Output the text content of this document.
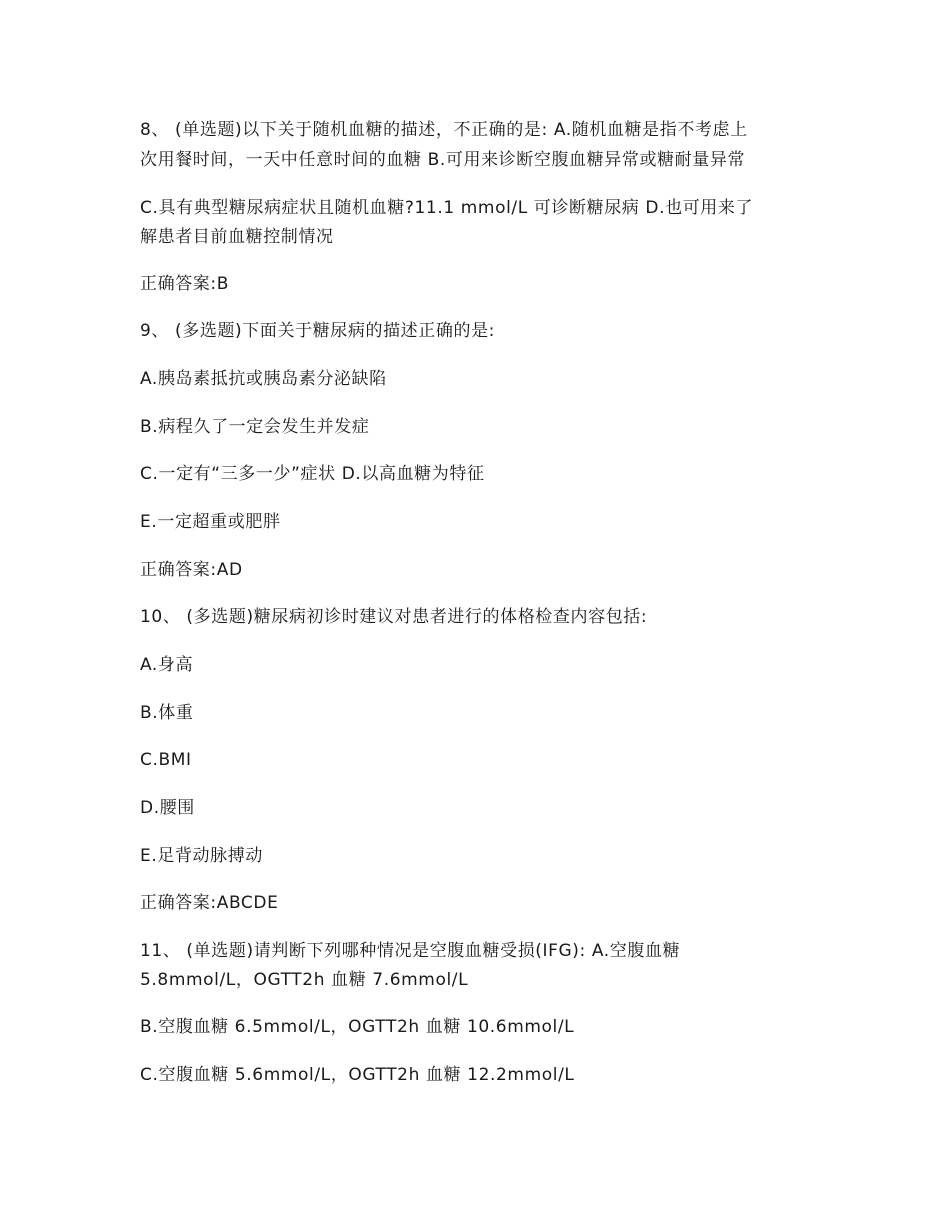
8、 (单选题)以下关于随机血糖的描述，不正确的是: A.随机血糖是指不考虑上
次用餐时间，一天中任意时间的血糖 B.可用来诊断空腹血糖异常或糖耐量异常
C.具有典型糖尿病症状且随机血糖?11.1 mmol/L 可诊断糖尿病 D.也可用来了
解患者目前血糖控制情况
正确答案:B
9、 (多选题)下面关于糖尿病的描述正确的是:
A.胰岛素抵抗或胰岛素分泌缺陷
B.病程久了一定会发生并发症
C.一定有“三多一少”症状 D.以高血糖为特征
E.一定超重或肥胖
正确答案:AD
10、 (多选题)糖尿病初诊时建议对患者进行的体格检查内容包括:
A.身高
B.体重
C.BMI
D.腰围
E.足背动脉搏动
正确答案:ABCDE
11、 (单选题)请判断下列哪种情况是空腹血糖受损(IFG): A.空腹血糖
5.8mmol/L，OGTT2h 血糖 7.6mmol/L
B.空腹血糖 6.5mmol/L，OGTT2h 血糖 10.6mmol/L
C.空腹血糖 5.6mmol/L，OGTT2h 血糖 12.2mmol/L
